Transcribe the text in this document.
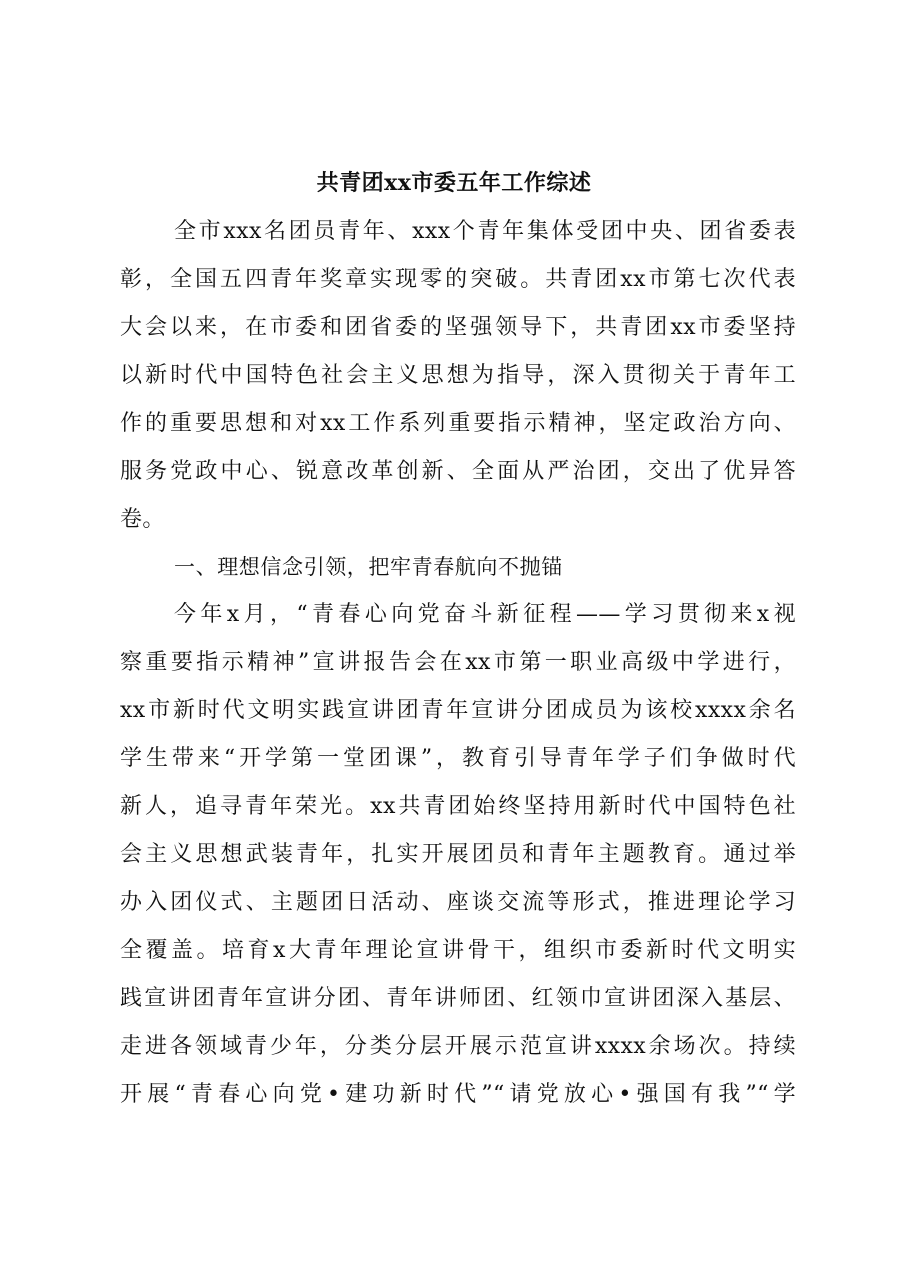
共青团xx市委五年工作综述
全市xxx名团员青年、xxx个青年集体受团中央、团省委表
彰，全国五四青年奖章实现零的突破。共青团xx市第七次代表
大会以来，在市委和团省委的坚强领导下，共青团xx市委坚持
以新时代中国特色社会主义思想为指导，深入贯彻关于青年工
作的重要思想和对xx工作系列重要指示精神，坚定政治方向、
服务党政中心、锐意改革创新、全面从严治团，交出了优异答
卷。
一、理想信念引领，把牢青春航向不抛锚
今年x月，“青春心向党奋斗新征程——学习贯彻来x视
察重要指示精神”宣讲报告会在xx市第一职业高级中学进行，
xx市新时代文明实践宣讲团青年宣讲分团成员为该校xxxx余名
学生带来“开学第一堂团课”，教育引导青年学子们争做时代
新人，追寻青年荣光。xx共青团始终坚持用新时代中国特色社
会主义思想武装青年，扎实开展团员和青年主题教育。通过举
办入团仪式、主题团日活动、座谈交流等形式，推进理论学习
全覆盖。培育x大青年理论宣讲骨干，组织市委新时代文明实
践宣讲团青年宣讲分团、青年讲师团、红领巾宣讲团深入基层、
走进各领域青少年，分类分层开展示范宣讲xxxx余场次。持续
开展“青春心向党•建功新时代”“请党放心•强国有我”“学
